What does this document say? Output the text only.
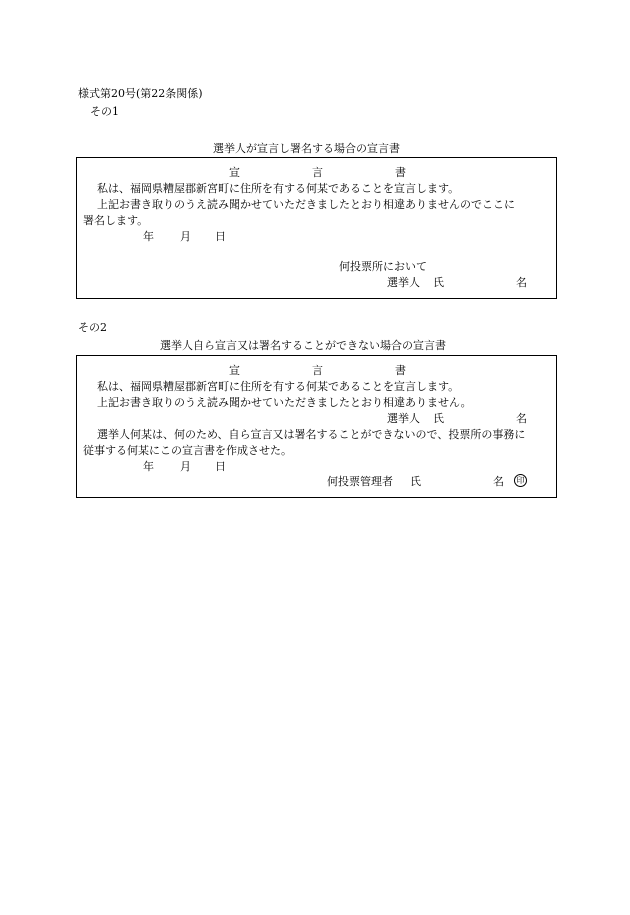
様式第20号(第22条関係)
その1
選挙人が宣言し署名する場合の宣言書
宣	言	書
私は、福岡県糟屋郡新宮町に住所を有する何某であることを宣言します。
上記お書き取りのうえ読み聞かせていただきましたとおり相違ありませんのでここに
署名します。
年 月 日
何投票所において
選挙人 氏	名
その2
選挙人自ら宣言又は署名することができない場合の宣言書
宣	言	書
私は、福岡県糟屋郡新宮町に住所を有する何某であることを宣言します。
上記お書き取りのうえ読み聞かせていただきましたとおり相違ありません。
選挙人 氏	名
選挙人何某は、何のため、自ら宣言又は署名することができないので、投票所の事務に
従事する何某にこの宣言書を作成させた。
年 月 日
何投票管理者 氏	名	印
